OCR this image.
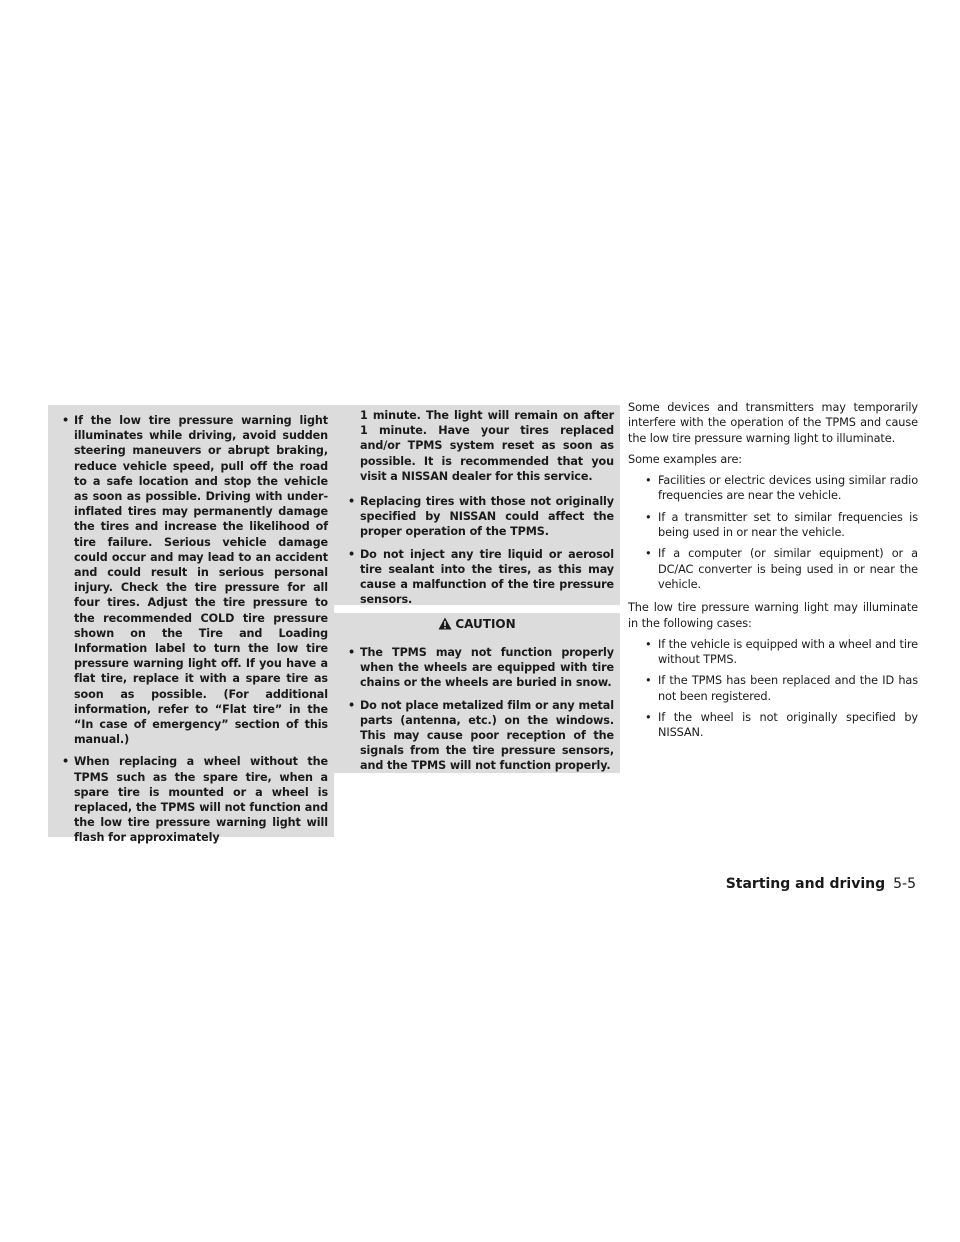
• If the low tire pressure warning light illuminates while driving, avoid sudden steering maneuvers or abrupt braking, reduce vehicle speed, pull off the road to a safe location and stop the vehicle as soon as possible. Driving with under-inflated tires may permanently damage the tires and increase the likelihood of tire failure. Serious vehicle damage could occur and may lead to an accident and could result in serious personal injury. Check the tire pressure for all four tires. Adjust the tire pressure to the recommended COLD tire pressure shown on the Tire and Loading Information label to turn the low tire pressure warning light off. If you have a flat tire, replace it with a spare tire as soon as possible. (For additional information, refer to “Flat tire” in the “In case of emergency” section of this manual.)
• When replacing a wheel without the TPMS such as the spare tire, when a spare tire is mounted or a wheel is replaced, the TPMS will not function and the low tire pressure warning light will flash for approximately
1 minute. The light will remain on after 1 minute. Have your tires replaced and/or TPMS system reset as soon as possible. It is recommended that you visit a NISSAN dealer for this service.
• Replacing tires with those not originally specified by NISSAN could affect the proper operation of the TPMS.
• Do not inject any tire liquid or aerosol tire sealant into the tires, as this may cause a malfunction of the tire pressure sensors.
• The TPMS may not function properly when the wheels are equipped with tire chains or the wheels are buried in snow.
• Do not place metalized film or any metal parts (antenna, etc.) on the windows. This may cause poor reception of the signals from the tire pressure sensors, and the TPMS will not function properly.
CAUTION

Some devices and transmitters may temporarily interfere with the operation of the TPMS and cause the low tire pressure warning light to illuminate.

Some examples are:

• Facilities or electric devices using similar radio frequencies are near the vehicle.
• If a transmitter set to similar frequencies is being used in or near the vehicle.
• If a computer (or similar equipment) or a DC/AC converter is being used in or near the vehicle.

The low tire pressure warning light may illuminate in the following cases:

• If the vehicle is equipped with a wheel and tire without TPMS.
• If the TPMS has been replaced and the ID has not been registered.
• If the wheel is not originally specified by NISSAN.
Starting and driving 5-5
